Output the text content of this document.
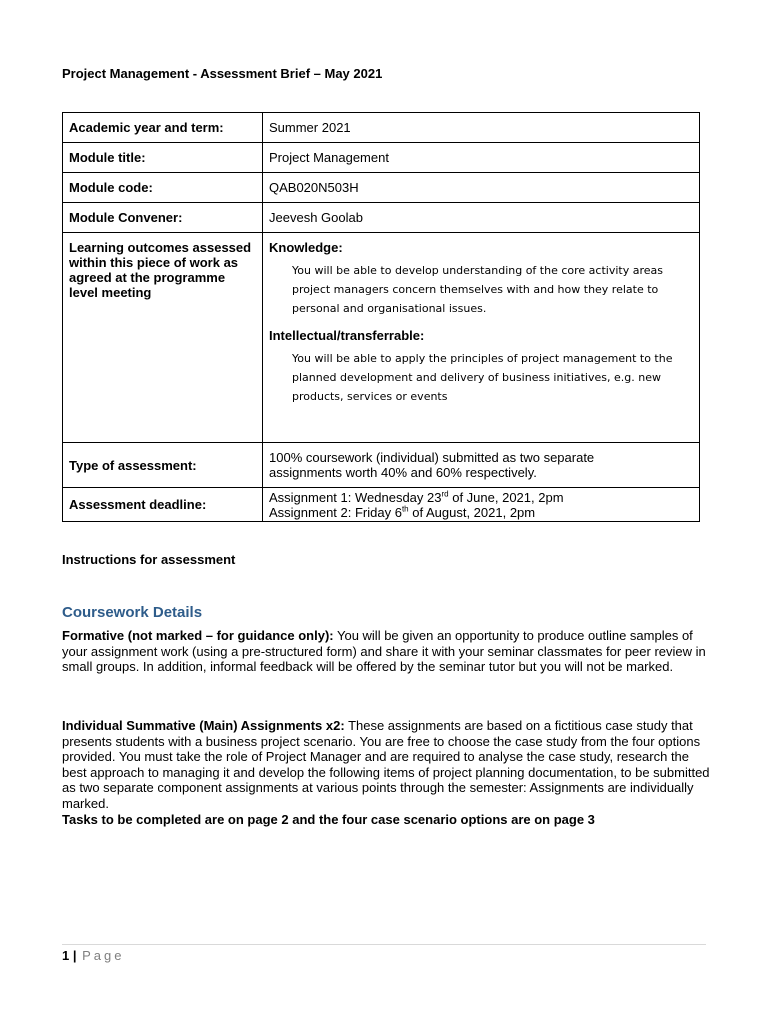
Project Management - Assessment Brief – May 2021
Academic year and term:	Summer 2021
Module title:	Project Management
Module code:	QAB020N503H
Module Convener:	Jeevesh Goolab
Learning outcomes assessed within this piece of work as agreed at the programme level meeting	Knowledge:

You will be able to develop understanding of the core activity areas project managers concern themselves with and how they relate to personal and organisational issues.

Intellectual/transferrable:

You will be able to apply the principles of project management to the planned development and delivery of business initiatives, e.g. new products, services or events

Type of assessment:	100% coursework (individual) submitted as two separate
assignments worth 40% and 60% respectively.

Assessment deadline:	Assignment 1: Wednesday 23rd of June, 2021, 2pm
Assignment 2: Friday 6th of August, 2021, 2pm
Instructions for assessment
Coursework Details
Formative (not marked – for guidance only): You will be given an opportunity to produce outline samples of your assignment work (using a pre-structured form) and share it with your seminar classmates for peer review in small groups. In addition, informal feedback will be offered by the seminar tutor but you will not be marked.
Individual Summative (Main) Assignments x2: These assignments are based on a fictitious case study that presents students with a business project scenario. You are free to choose the case study from the four options provided. You must take the role of Project Manager and are required to analyse the case study, research the best approach to managing it and develop the following items of project planning documentation, to be submitted as two separate component assignments at various points through the semester: Assignments are individually marked.
Tasks to be completed are on page 2 and the four case scenario options are on page 3
1 | Page
